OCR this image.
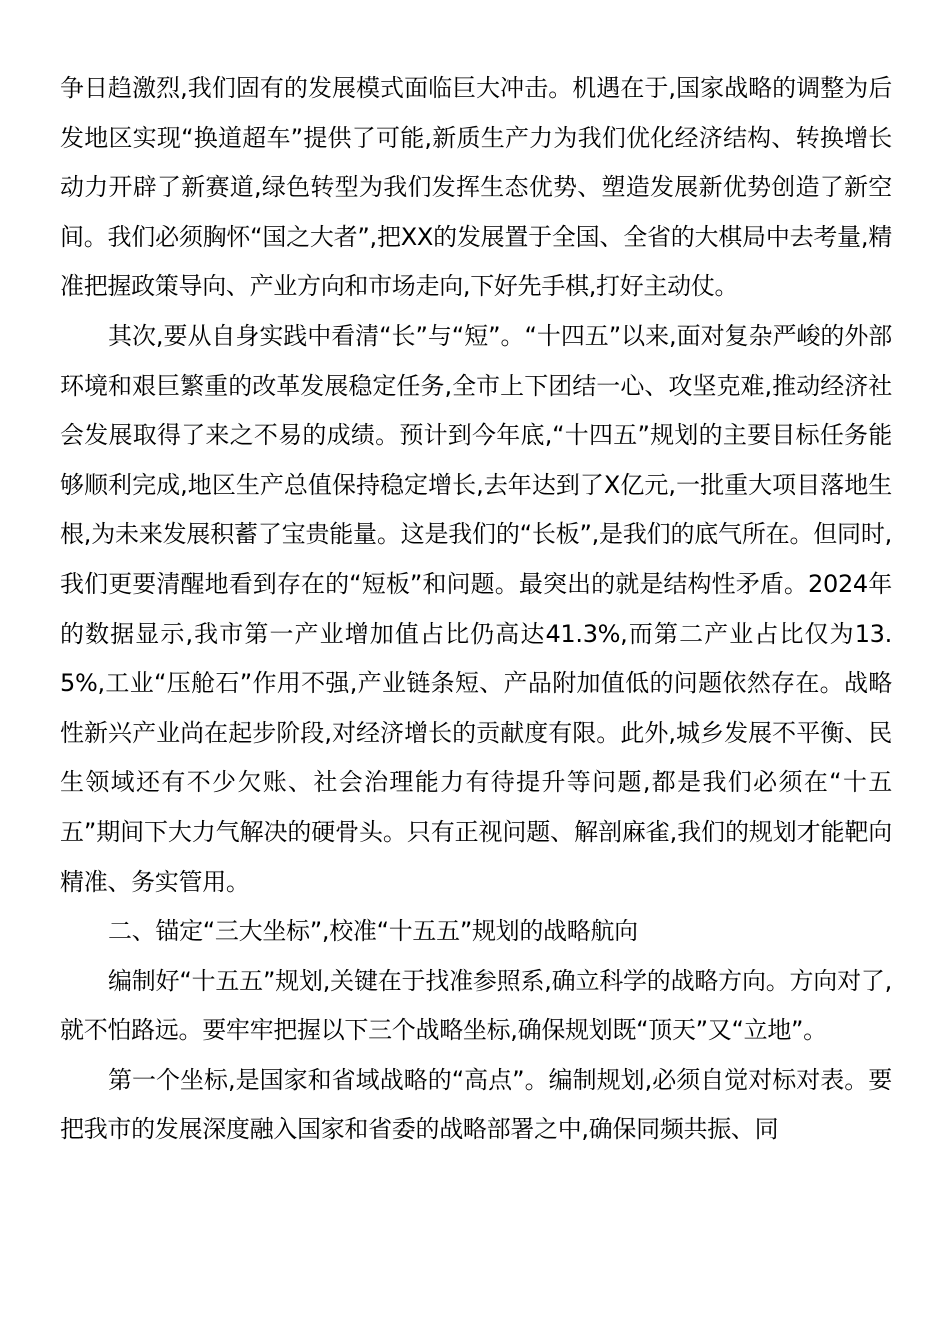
争日趋激烈,我们固有的发展模式面临巨大冲击。机遇在于,国家战略的调整为后发地区实现“换道超车”提供了可能,新质生产力为我们优化经济结构、转换增长动力开辟了新赛道,绿色转型为我们发挥生态优势、塑造发展新优势创造了新空间。我们必须胸怀“国之大者”,把XX的发展置于全国、全省的大棋局中去考量,精准把握政策导向、产业方向和市场走向,下好先手棋,打好主动仗。

其次,要从自身实践中看清“长”与“短”。“十四五”以来,面对复杂严峻的外部环境和艰巨繁重的改革发展稳定任务,全市上下团结一心、攻坚克难,推动经济社会发展取得了来之不易的成绩。预计到今年底,“十四五”规划的主要目标任务能够顺利完成,地区生产总值保持稳定增长,去年达到了X亿元,一批重大项目落地生根,为未来发展积蓄了宝贵能量。这是我们的“长板”,是我们的底气所在。但同时,我们更要清醒地看到存在的“短板”和问题。最突出的就是结构性矛盾。2024年的数据显示,我市第一产业增加值占比仍高达41.3%,而第二产业占比仅为13.5%,工业“压舱石”作用不强,产业链条短、产品附加值低的问题依然存在。战略性新兴产业尚在起步阶段,对经济增长的贡献度有限。此外,城乡发展不平衡、民生领域还有不少欠账、社会治理能力有待提升等问题,都是我们必须在“十五五”期间下大力气解决的硬骨头。只有正视问题、解剖麻雀,我们的规划才能靶向精准、务实管用。

二、锚定“三大坐标”,校准“十五五”规划的战略航向

编制好“十五五”规划,关键在于找准参照系,确立科学的战略方向。方向对了,就不怕路远。要牢牢把握以下三个战略坐标,确保规划既“顶天”又“立地”。

第一个坐标,是国家和省域战略的“高点”。编制规划,必须自觉对标对表。要把我市的发展深度融入国家和省委的战略部署之中,确保同频共振、同
